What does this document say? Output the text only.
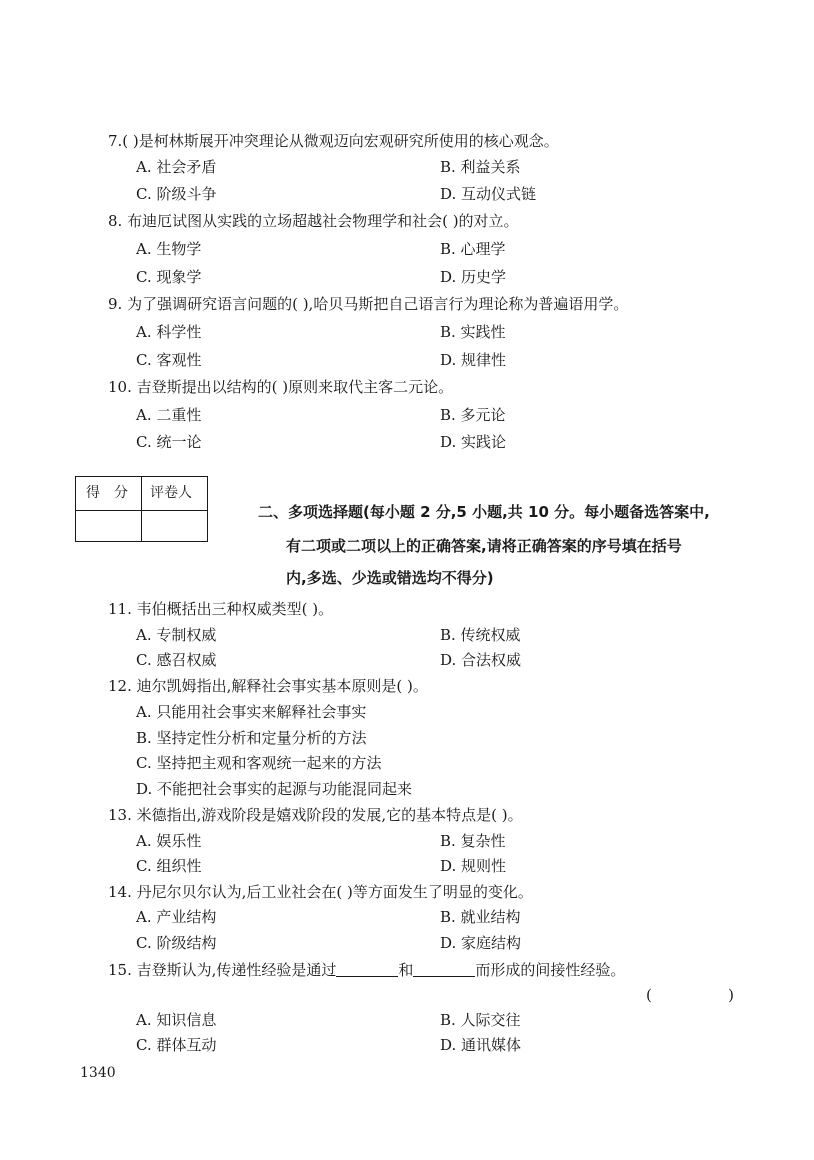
7.( )是柯林斯展开冲突理论从微观迈向宏观研究所使用的核心观念。
A. 社会矛盾	B. 利益关系
C. 阶级斗争	D. 互动仪式链
8. 布迪厄试图从实践的立场超越社会物理学和社会( )的对立。
A. 生物学	B. 心理学
C. 现象学	D. 历史学
9. 为了强调研究语言问题的( ),哈贝马斯把自己语言行为理论称为普遍语用学。
A. 科学性	B. 实践性
C. 客观性	D. 规律性
10. 吉登斯提出以结构的( )原则来取代主客二元论。
A. 二重性	B. 多元论
C. 统一论	D. 实践论
得　分 评卷人
二、多项选择题(每小题 2 分,5 小题,共 10 分。每小题备选答案中,
有二项或二项以上的正确答案,请将正确答案的序号填在括号
内,多选、少选或错选均不得分)
11. 韦伯概括出三种权威类型( )。
A. 专制权威	B. 传统权威
C. 感召权威	D. 合法权威
12. 迪尔凯姆指出,解释社会事实基本原则是( )。
A. 只能用社会事实来解释社会事实
B. 坚持定性分析和定量分析的方法
C. 坚持把主观和客观统一起来的方法
D. 不能把社会事实的起源与功能混同起来
13. 米德指出,游戏阶段是嬉戏阶段的发展,它的基本特点是( )。
A. 娱乐性	B. 复杂性
C. 组织性	D. 规则性
14. 丹尼尔贝尔认为,后工业社会在( )等方面发生了明显的变化。
A. 产业结构	B. 就业结构
C. 阶级结构	D. 家庭结构
15. 吉登斯认为,传递性经验是通过	和	而形成的间接性经验。
(                )
A. 知识信息	B. 人际交往
C. 群体互动	D. 通讯媒体
1340
